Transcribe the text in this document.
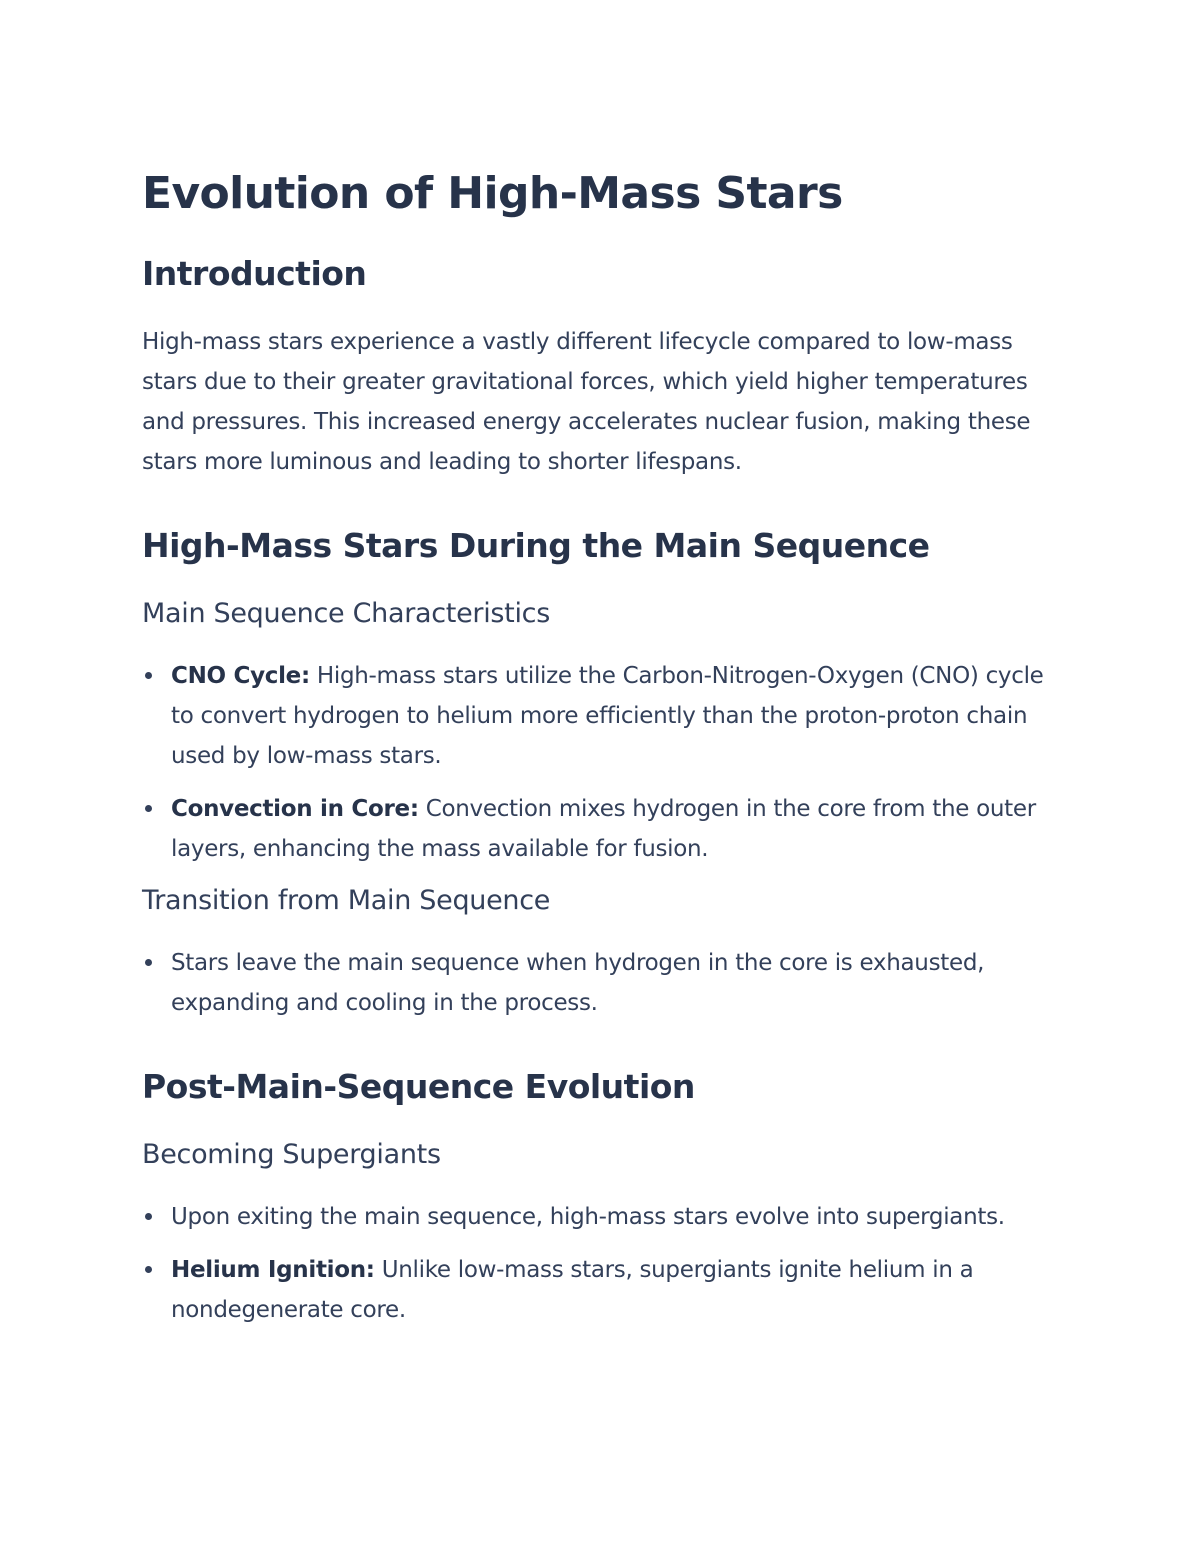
Evolution of High-Mass Stars
Introduction

High-mass stars experience a vastly different lifecycle compared to low-mass stars due to their greater gravitational forces, which yield higher temperatures and pressures. This increased energy accelerates nuclear fusion, making these stars more luminous and leading to shorter lifespans.

High-Mass Stars During the Main Sequence
Main Sequence Characteristics
CNO Cycle: High-mass stars utilize the Carbon-Nitrogen-Oxygen (CNO) cycle to convert hydrogen to helium more efficiently than the proton-proton chain used by low-mass stars.
Convection in Core: Convection mixes hydrogen in the core from the outer layers, enhancing the mass available for fusion.
Transition from Main Sequence
Stars leave the main sequence when hydrogen in the core is exhausted, expanding and cooling in the process.
Post-Main-Sequence Evolution
Becoming Supergiants
Upon exiting the main sequence, high-mass stars evolve into supergiants.
Helium Ignition: Unlike low-mass stars, supergiants ignite helium in a nondegenerate core.
